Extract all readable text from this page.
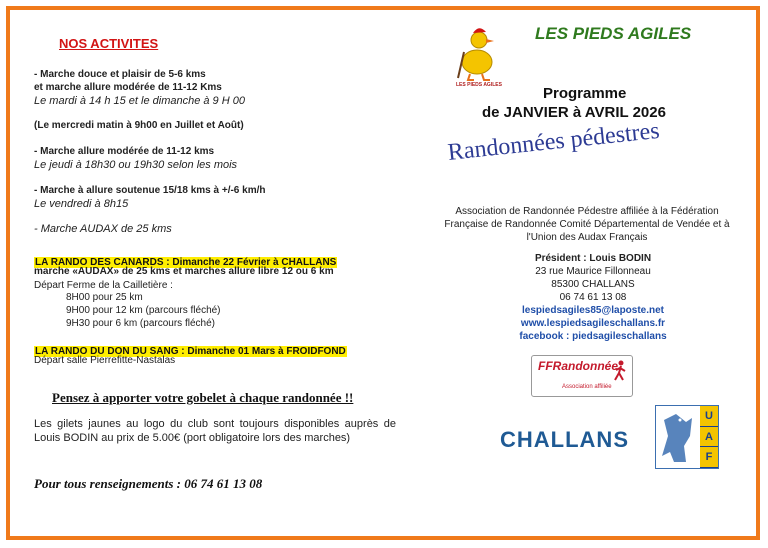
NOS ACTIVITES
- Marche douce et plaisir de 5-6 kms
et marche allure modérée de 11-12 Kms
Le mardi à 14 h 15 et le dimanche à 9 H 00
(Le mercredi matin à 9h00 en Juillet et Août)
- Marche allure modérée de 11-12 kms
Le jeudi à 18h30 ou 19h30 selon les mois
- Marche à allure soutenue 15/18 kms à +/-6 km/h
Le vendredi à 8h15
- Marche AUDAX de 25 kms
LA RANDO DES CANARDS : Dimanche 22 Février à CHALLANS
marche «AUDAX» de 25 kms et marches allure libre 12 ou 6 km
Départ Ferme de la Cailletière :
8H00 pour 25 km
9H00 pour 12 km (parcours fléché)
9H30 pour 6 km (parcours fléché)
LA RANDO DU DON DU SANG : Dimanche 01 Mars à FROIDFOND
Départ salle Pierrefitte-Nastalas
Pensez à apporter votre gobelet à chaque randonnée !!
Les gilets jaunes au logo du club sont toujours disponibles auprès de Louis BODIN au prix de 5.00€ (port obligatoire lors des marches)
Pour tous renseignements : 06 74 61 13 08
LES PIEDS AGILES
LES PIEDS AGILES
Programme
de JANVIER à AVRIL 2026
Randonnées pédestres
Association de Randonnée Pédestre affiliée à la Fédération Française de Randonnée Comité Départemental de Vendée et à l'Union des Audax Français
Président : Louis BODIN
23 rue Maurice Fillonneau
85300 CHALLANS
06 74 61 13 08
lespiedsagiles85@laposte.net
www.lespiedsagileschallans.fr
facebook : piedsagileschallans
FFRandonnée
Association affiliée
CHALLANS
U
A
F
